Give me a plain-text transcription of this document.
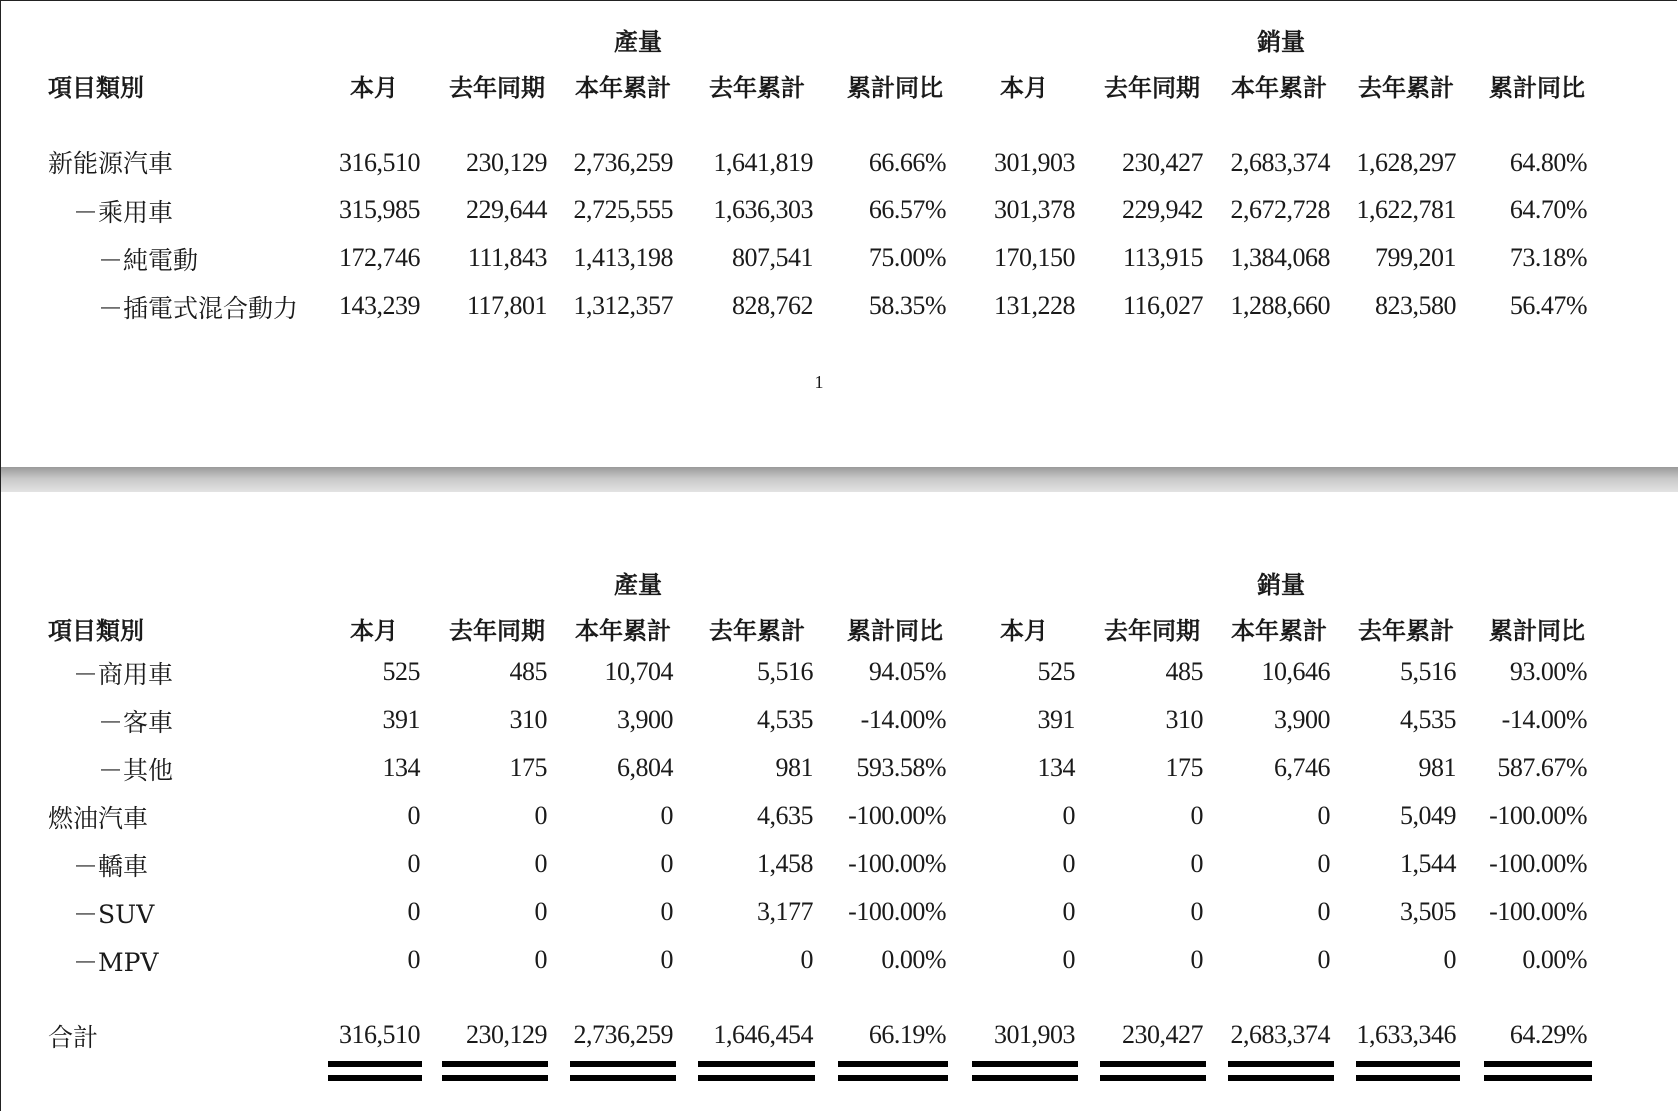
產量	銷量
項目類別	本月 去年同期 本年累計 去年累計 累計同比 本月 去年同期 本年累計 去年累計 累計同比
新能源汽車	316,510 230,129 2,736,259 1,641,819 66.66% 301,903 230,427 2,683,374 1,628,297 64.80%
－乘用車	315,985 229,644 2,725,555 1,636,303 66.57% 301,378 229,942 2,672,728 1,622,781 64.70%
－純電動	172,746 111,843 1,413,198 807,541 75.00% 170,150 113,915 1,384,068 799,201 73.18%
－插電式混合動力 143,239 117,801 1,312,357 828,762 58.35% 131,228 116,027 1,288,660 823,580 56.47%
1
產量	銷量
項目類別	本月 去年同期 本年累計 去年累計 累計同比 本月 去年同期 本年累計 去年累計 累計同比
－商用車	525	485 10,704	5,516 94.05%	525	485 10,646	5,516 93.00%
－客車	391	310	3,900	4,535 -14.00%	391	310	3,900	4,535 -14.00%
－其他	134	175	6,804	981 593.58%	134	175	6,746	981 587.67%
燃油汽車	0	0	0	4,635 -100.00%	0	0	0	5,049 -100.00%
－轎車	0	0	0	1,458 -100.00%	0	0	0	1,544 -100.00%
－SUV	0	0	0	3,177 -100.00%	0	0	0	3,505 -100.00%
－MPV	0	0	0	0	0.00%	0	0	0	0	0.00%
合計	316,510 230,129 2,736,259 1,646,454 66.19% 301,903 230,427 2,683,374 1,633,346 64.29%
